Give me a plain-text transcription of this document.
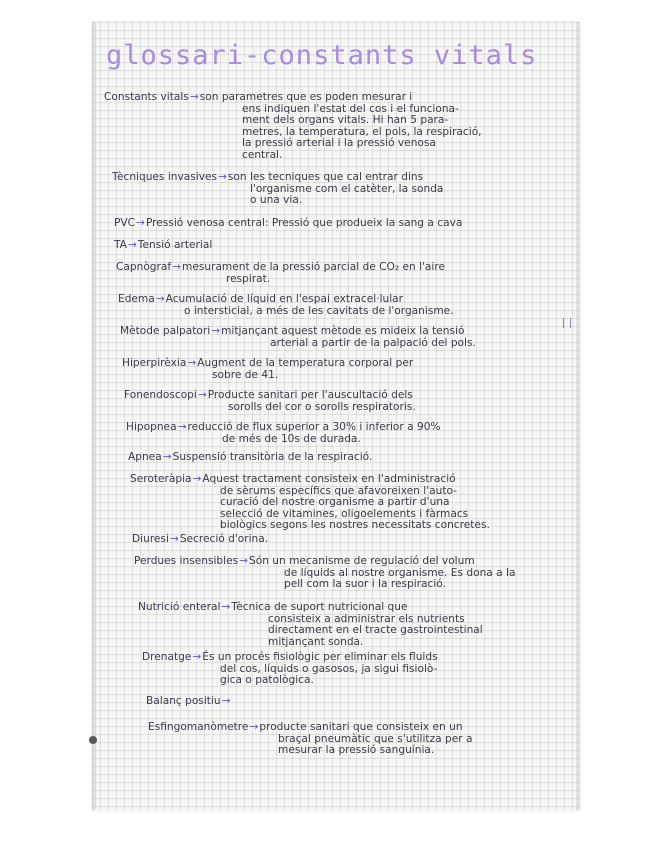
glossari-constants vitals
Constants vitals→son parametres que es poden mesurar i
ens indiquen l'estat del cos i el funciona-
ment dels organs vitals. Hi han 5 para-
metres, la temperatura, el pols, la respiració,
la pressió arterial i la pressió venosa
central.
Tècniques invasives→son les tecniques que cal entrar dins
l'organisme com el catèter, la sonda
o una via.
PVC→Pressió venosa central: Pressió que produeix la sang a cava
TA→Tensió arterial
Capnògraf→mesurament de la pressió parcial de CO₂ en l'aire
respirat.
Edema→Acumulació de líquid en l'espai extracel·lular
o intersticial, a més de les cavitats de l'organisme.
Mètode palpatori→mitjançant aquest mètode es mideix la tensió
arterial a partir de la palpació del pols.
Hiperpirèxia→Augment de la temperatura corporal per
sobre de 41.
Fonendoscopi→Producte sanitari per l'auscultació dels
sorolls del cor o sorolls respiratoris.
Hipopnea→reducció de flux superior a 30% i inferior a 90%
de més de 10s de durada.
Apnea→Suspensió transitòria de la respiració.
Seroteràpia→Aquest tractament consisteix en l'administració
de sèrums específics que afavoreixen l'auto-
curació del nostre organisme a partir d'una
selecció de vitamines, oligoelements i fàrmacs
biològics segons les nostres necessitats concretes.
Diuresi→Secreció d'orina.
Perdues insensibles→Són un mecanisme de regulació del volum
de líquids al nostre organisme. Es dona a la
pell com la suor i la respiració.
Nutrició enteral→Tècnica de suport nutricional que
consisteix a administrar els nutrients
directament en el tracte gastrointestinal
mitjançant sonda.
Drenatge→És un procés fisiològic per eliminar els fluids
del cos, líquids o gasosos, ja sigui fisiolò-
gica o patològica.
Balanç positiu→
Esfingomanòmetre→producte sanitari que consisteix en un
braçal pneumàtic que s'utilitza per a
mesurar la pressió sanguínia.
